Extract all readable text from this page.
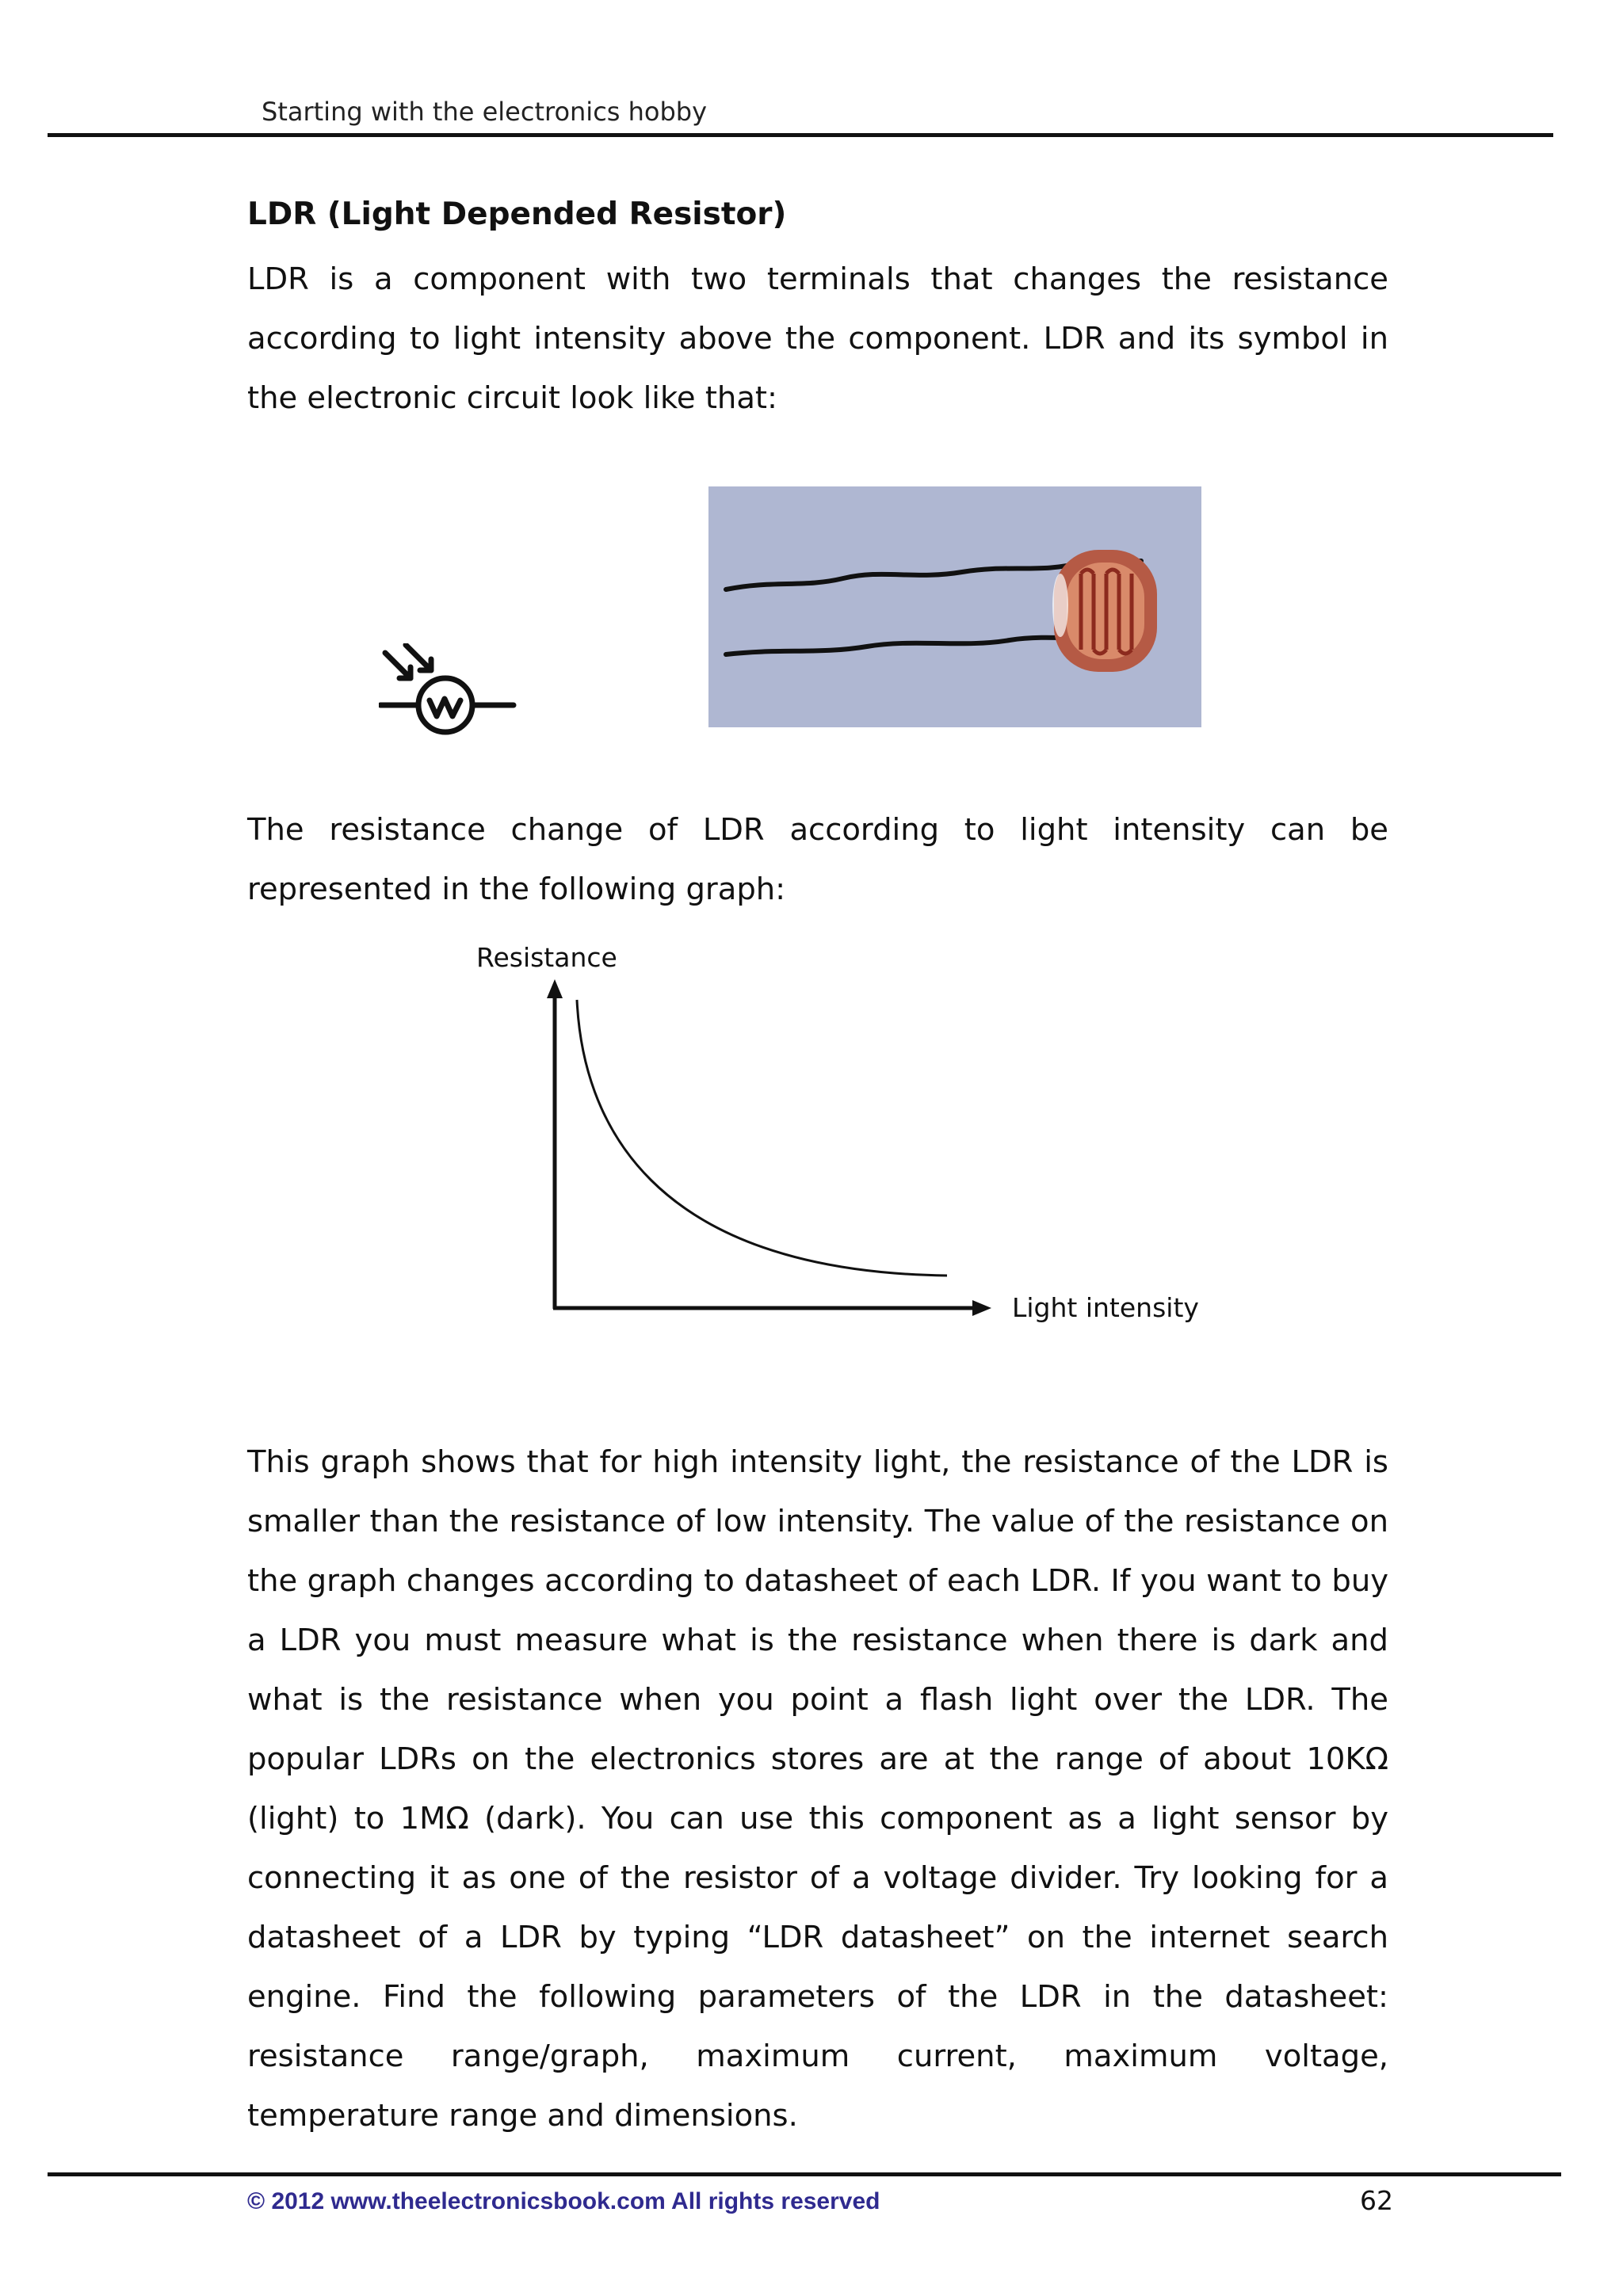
Starting with the electronics hobby
LDR (Light Depended Resistor)
LDR is a component with two terminals that changes the resistance according to light intensity above the component. LDR and its symbol in the electronic circuit look like that:
The resistance change of LDR according to light intensity can be represented in the following graph:
Resistance
Light intensity
This graph shows that for high intensity light, the resistance of the LDR is smaller than the resistance of low intensity. The value of the resistance on the graph changes according to datasheet of each LDR. If you want to buy a LDR you must measure what is the resistance when there is dark and what is the resistance when you point a flash light over the LDR. The popular LDRs on the electronics stores are at the range of about 10KΩ (light) to 1MΩ (dark). You can use this component as a light sensor by connecting it as one of the resistor of a voltage divider. Try looking for a datasheet of a LDR by typing “LDR datasheet” on the internet search engine. Find the following parameters of the LDR in the datasheet: resistance range/graph, maximum current, maximum voltage, temperature range and dimensions.
© 2012 www.theelectronicsbook.com All rights reserved	62
